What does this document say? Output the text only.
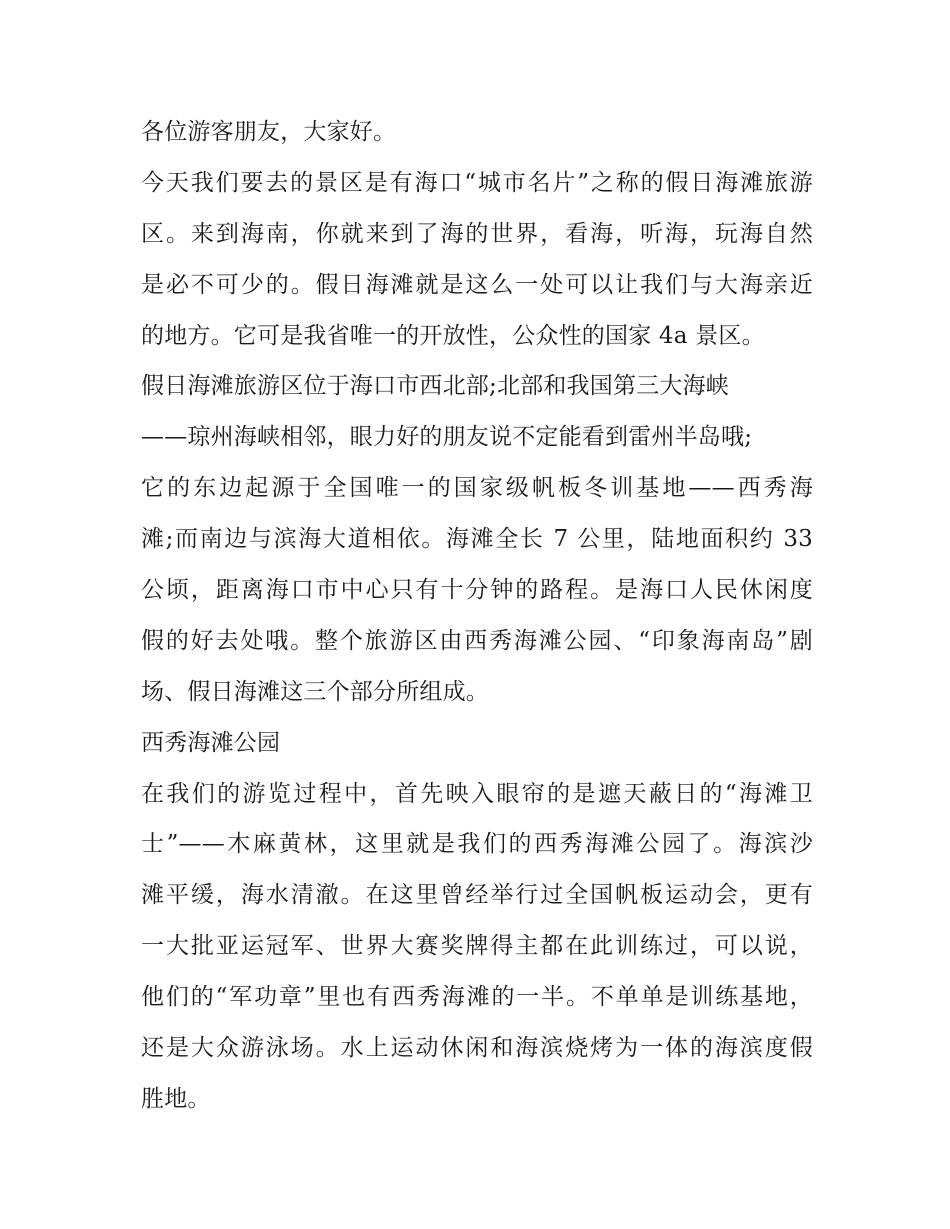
各位游客朋友，大家好。
今天我们要去的景区是有海口“城市名片”之称的假日海滩旅游
区。来到海南，你就来到了海的世界，看海，听海，玩海自然
是必不可少的。假日海滩就是这么一处可以让我们与大海亲近
的地方。它可是我省唯一的开放性，公众性的国家 4a 景区。
假日海滩旅游区位于海口市西北部;北部和我国第三大海峡
——琼州海峡相邻，眼力好的朋友说不定能看到雷州半岛哦;
它的东边起源于全国唯一的国家级帆板冬训基地——西秀海
滩;而南边与滨海大道相依。海滩全长 7 公里，陆地面积约 33
公顷，距离海口市中心只有十分钟的路程。是海口人民休闲度
假的好去处哦。整个旅游区由西秀海滩公园、“印象海南岛”剧
场、假日海滩这三个部分所组成。
西秀海滩公园
在我们的游览过程中，首先映入眼帘的是遮天蔽日的“海滩卫
士”——木麻黄林，这里就是我们的西秀海滩公园了。海滨沙
滩平缓，海水清澈。在这里曾经举行过全国帆板运动会，更有
一大批亚运冠军、世界大赛奖牌得主都在此训练过，可以说，
他们的“军功章”里也有西秀海滩的一半。不单单是训练基地，
还是大众游泳场。水上运动休闲和海滨烧烤为一体的海滨度假
胜地。
